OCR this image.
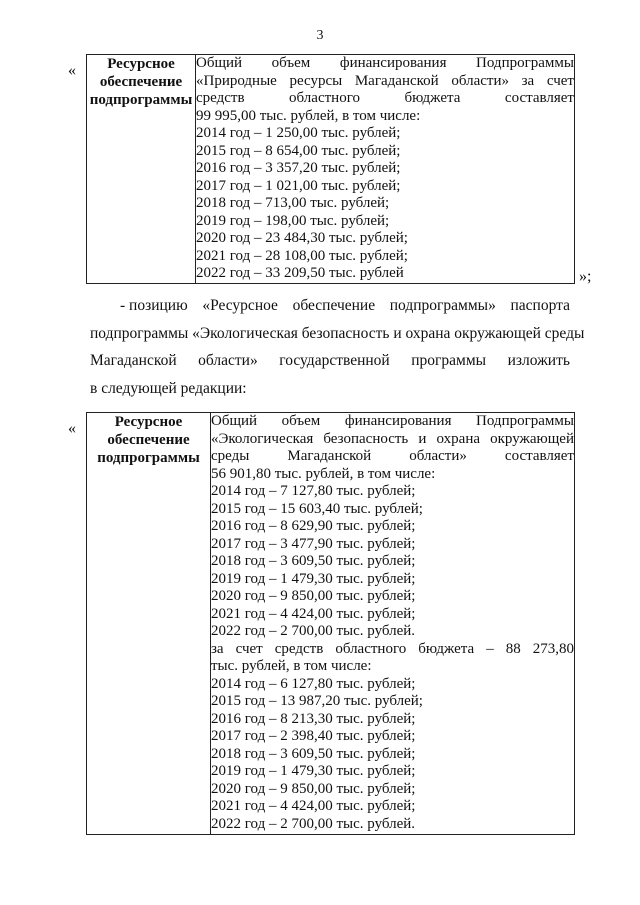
3
«	Ресурсное
обеспечение
подпрограммы

Общий объем финансирования Подпрограммы
«Природные ресурсы Магаданской области» за счет
средств	областного	бюджета	составляет
99 995,00 тыс. рублей, в том числе:
2014 год – 1 250,00 тыс. рублей;
2015 год – 8 654,00 тыс. рублей;
2016 год – 3 357,20 тыс. рублей;
2017 год – 1 021,00 тыс. рублей;
2018 год – 713,00 тыс. рублей;
2019 год – 198,00 тыс. рублей;
2020 год – 23 484,30 тыс. рублей;
2021 год – 28 108,00 тыс. рублей;
2022 год – 33 209,50 тыс. рублей	»;
- позицию «Ресурсное обеспечение подпрограммы» паспорта
подпрограммы «Экологическая безопасность и охрана окружающей среды
Магаданской области» государственной программы изложить
в следующей редакции:
«	Ресурсное
обеспечение
подпрограммы

Общий объем финансирования Подпрограммы
«Экологическая безопасность и охрана окружающей
среды	Магаданской	области»	составляет
56 901,80 тыс. рублей, в том числе:
2014 год – 7 127,80 тыс. рублей;
2015 год – 15 603,40 тыс. рублей;
2016 год – 8 629,90 тыс. рублей;
2017 год – 3 477,90 тыс. рублей;
2018 год – 3 609,50 тыс. рублей;
2019 год – 1 479,30 тыс. рублей;
2020 год – 9 850,00 тыс. рублей;
2021 год – 4 424,00 тыс. рублей;
2022 год – 2 700,00 тыс. рублей.
за счет средств областного бюджета – 88 273,80
тыс. рублей, в том числе:
2014 год – 6 127,80 тыс. рублей;
2015 год – 13 987,20 тыс. рублей;
2016 год – 8 213,30 тыс. рублей;
2017 год – 2 398,40 тыс. рублей;
2018 год – 3 609,50 тыс. рублей;
2019 год – 1 479,30 тыс. рублей;
2020 год – 9 850,00 тыс. рублей;
2021 год – 4 424,00 тыс. рублей;
2022 год – 2 700,00 тыс. рублей.
